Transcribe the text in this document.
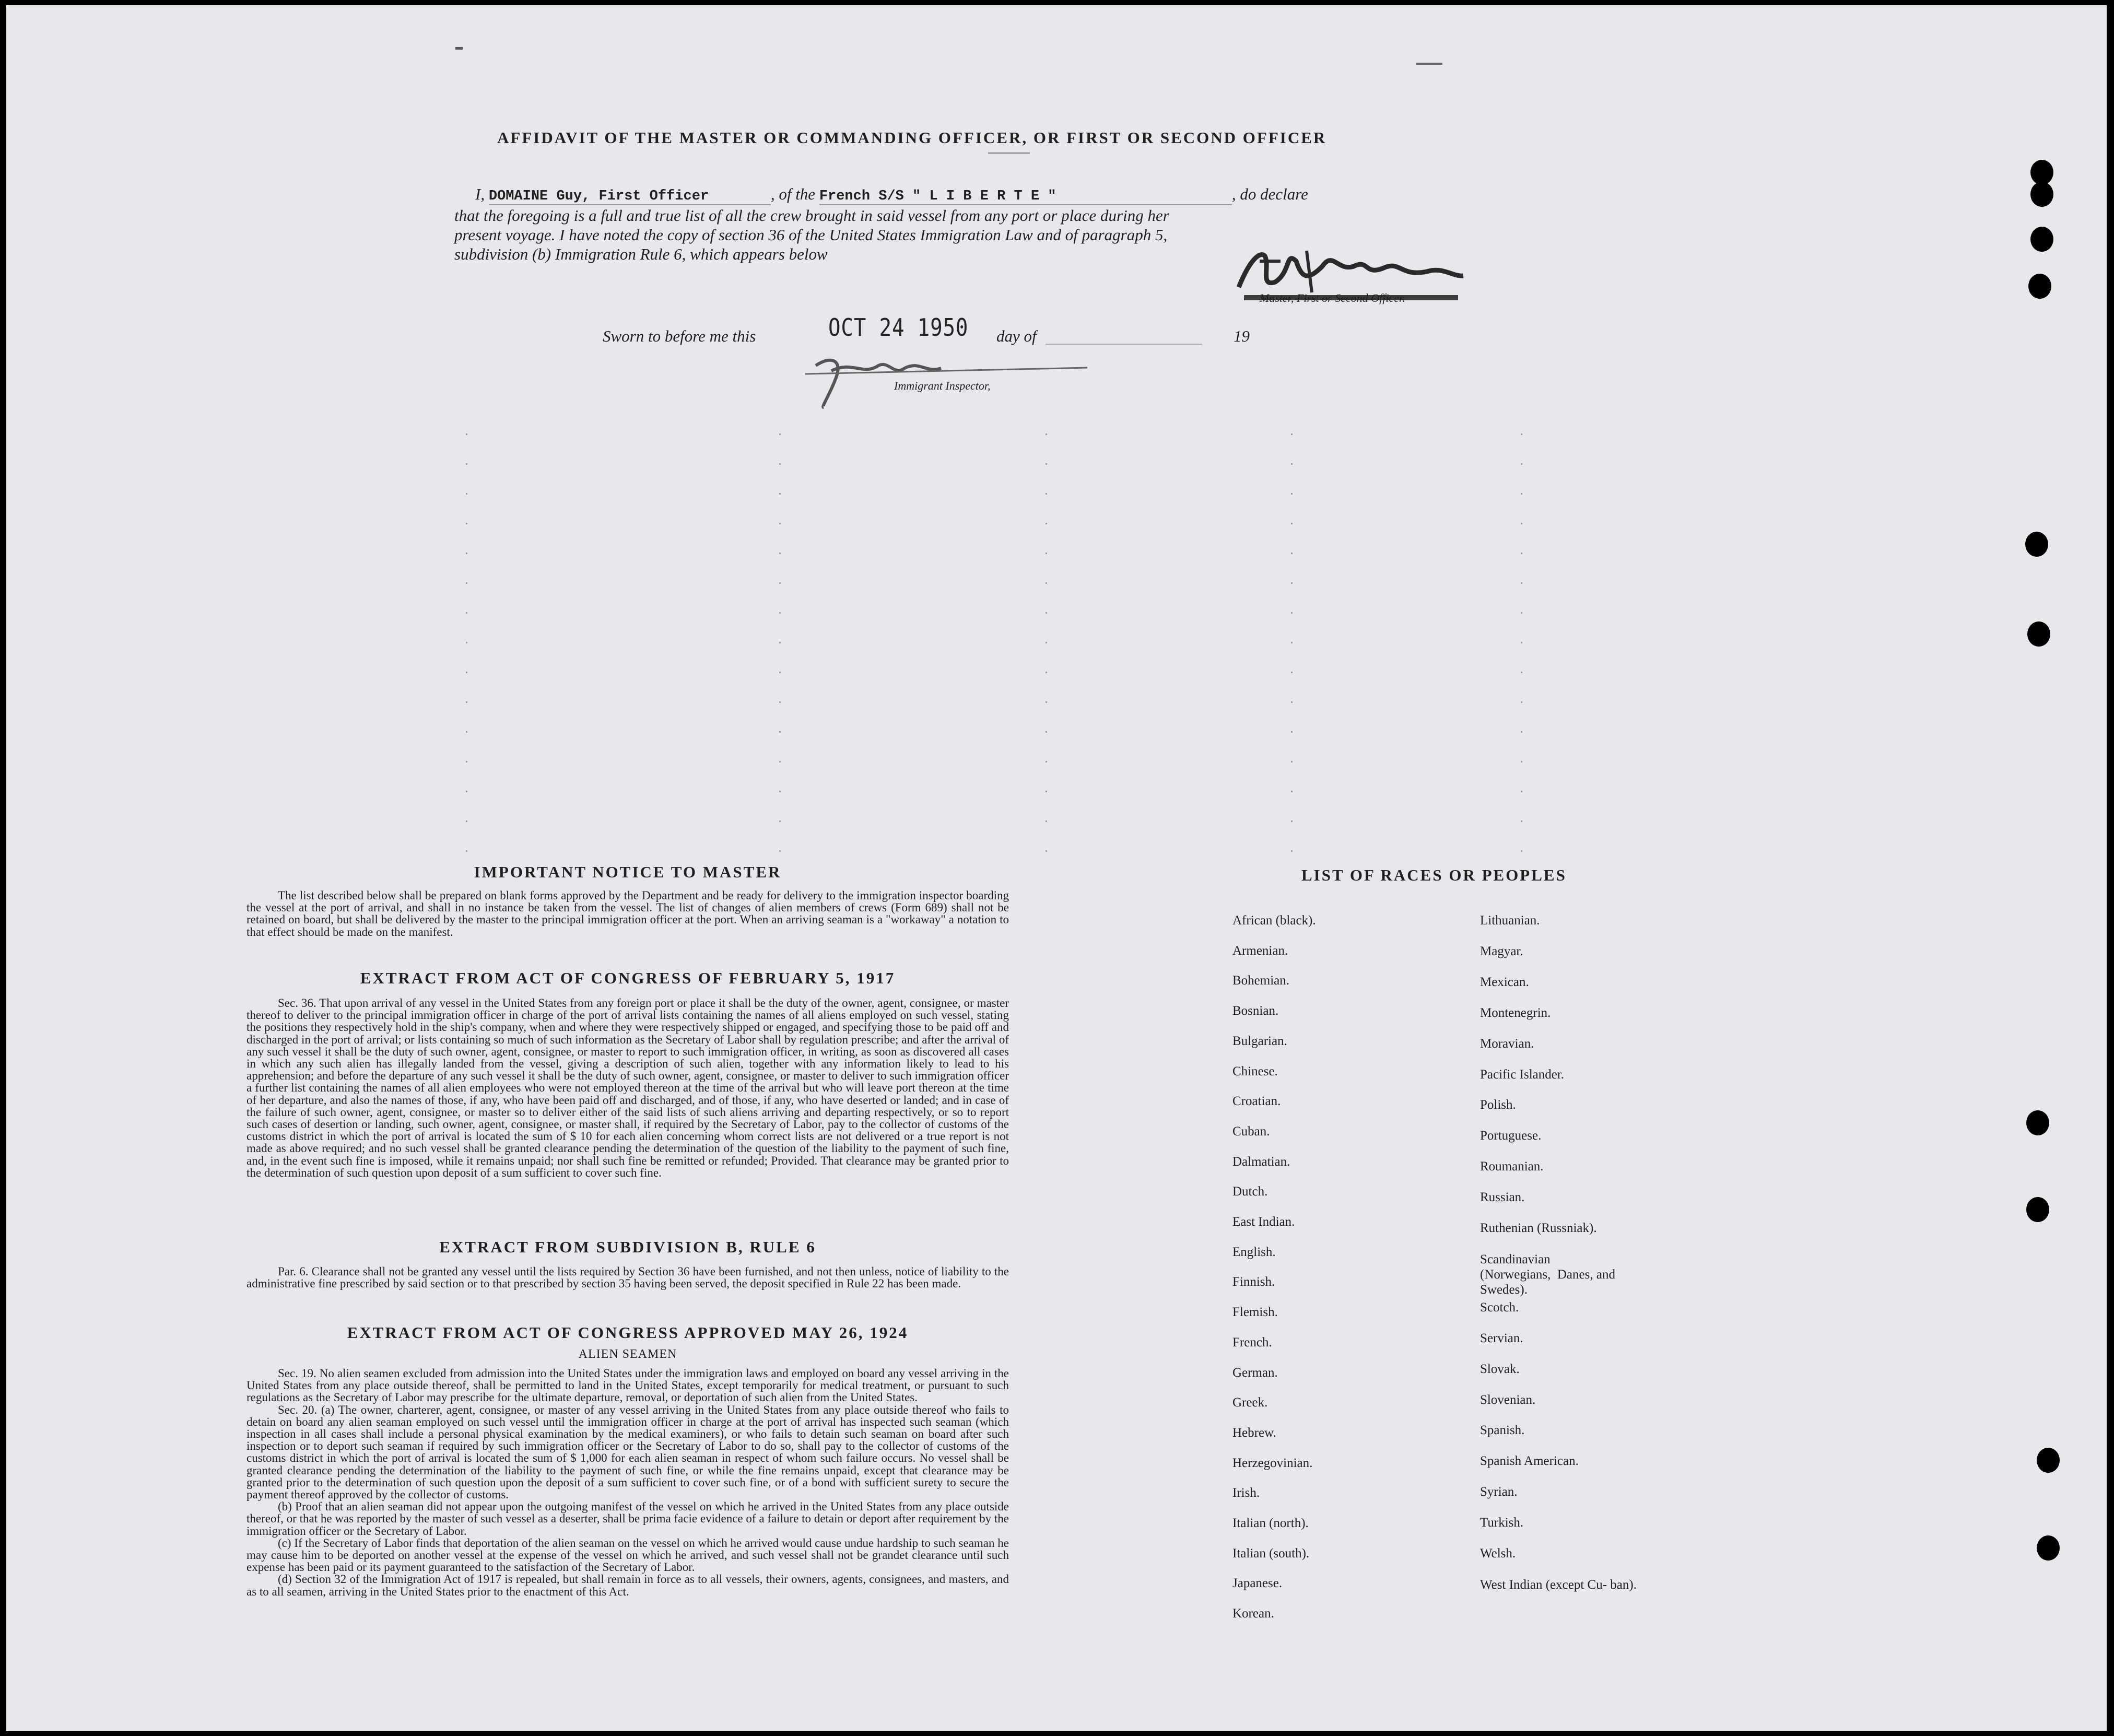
AFFIDAVIT OF THE MASTER OR COMMANDING OFFICER, OR FIRST OR SECOND OFFICER
I, DOMAINE Guy, First Officer	, of the French S/S " L I B E R T E "	, do declare
that the foregoing is a full and true list of all the crew brought in said vessel from any port or place during her
present voyage. I have noted the copy of section 36 of the United States Immigration Law and of paragraph 5,
subdivision (b) Immigration Rule 6, which appears below
Master, First or Second Officer.
Sworn to before me this	OCT 24 1950 day of	19
Immigrant Inspector,
IMPORTANT NOTICE TO MASTER

The list described below shall be prepared on blank forms approved by the Department and be ready for delivery to the immigration inspector boarding the vessel at the port of arrival, and shall in no instance be taken from the vessel. The list of changes of alien members of crews (Form 689) shall not be retained on board, but shall be delivered by the master to the principal immigration officer at the port. When an arriving seaman is a "workaway" a notation to that effect should be made on the manifest.

EXTRACT FROM ACT OF CONGRESS OF FEBRUARY 5, 1917

Sec. 36. That upon arrival of any vessel in the United States from any foreign port or place it shall be the duty of the owner, agent, consignee, or master thereof to deliver to the principal immigration officer in charge of the port of arrival lists containing the names of all aliens employed on such vessel, stating the positions they respectively hold in the ship's company, when and where they were respectively shipped or engaged, and specifying those to be paid off and discharged in the port of arrival; or lists containing so much of such information as the Secretary of Labor shall by regulation prescribe; and after the arrival of any such vessel it shall be the duty of such owner, agent, consignee, or master to report to such immigration officer, in writing, as soon as discovered all cases in which any such alien has illegally landed from the vessel, giving a description of such alien, together with any information likely to lead to his apprehension; and before the departure of any such vessel it shall be the duty of such owner, agent, consignee, or master to deliver to such immigration officer a further list containing the names of all alien employees who were not employed thereon at the time of the arrival but who will leave port thereon at the time of her departure, and also the names of those, if any, who have been paid off and discharged, and of those, if any, who have deserted or landed; and in case of the failure of such owner, agent, consignee, or master so to deliver either of the said lists of such aliens arriving and departing respectively, or so to report such cases of desertion or landing, such owner, agent, consignee, or master shall, if required by the Secretary of Labor, pay to the collector of customs of the customs district in which the port of arrival is located the sum of $ 10 for each alien concerning whom correct lists are not delivered or a true report is not made as above required; and no such vessel shall be granted clearance pending the determination of the question of the liability to the payment of such fine, and, in the event such fine is imposed, while it remains unpaid; nor shall such fine be remitted or refunded; Provided. That clearance may be granted prior to the determination of such question upon deposit of a sum sufficient to cover such fine.

EXTRACT FROM SUBDIVISION B, RULE 6

Par. 6. Clearance shall not be granted any vessel until the lists required by Section 36 have been furnished, and not then unless, notice of liability to the administrative fine prescribed by said section or to that prescribed by section 35 having been served, the deposit specified in Rule 22 has been made.

EXTRACT FROM ACT OF CONGRESS APPROVED MAY 26, 1924
ALIEN SEAMEN

Sec. 19. No alien seamen excluded from admission into the United States under the immigration laws and employed on board any vessel arriving in the United States from any place outside thereof, shall be permitted to land in the United States, except temporarily for medical treatment, or pursuant to such regulations as the Secretary of Labor may prescribe for the ultimate departure, removal, or deportation of such alien from the United States.

Sec. 20. (a) The owner, charterer, agent, consignee, or master of any vessel arriving in the United States from any place outside thereof who fails to detain on board any alien seaman employed on such vessel until the immigration officer in charge at the port of arrival has inspected such seaman (which inspection in all cases shall include a personal physical examination by the medical examiners), or who fails to detain such seaman on board after such inspection or to deport such seaman if required by such immigration officer or the Secretary of Labor to do so, shall pay to the collector of customs of the customs district in which the port of arrival is located the sum of $ 1,000 for each alien seaman in respect of whom such failure occurs. No vessel shall be granted clearance pending the determination of the liability to the payment of such fine, or while the fine remains unpaid, except that clearance may be granted prior to the determination of such question upon the deposit of a sum sufficient to cover such fine, or of a bond with sufficient surety to secure the payment thereof approved by the collector of customs.

(b) Proof that an alien seaman did not appear upon the outgoing manifest of the vessel on which he arrived in the United States from any place outside thereof, or that he was reported by the master of such vessel as a deserter, shall be prima facie evidence of a failure to detain or deport after requirement by the immigration officer or the Secretary of Labor.

(c) If the Secretary of Labor finds that deportation of the alien seaman on the vessel on which he arrived would cause undue hardship to such seaman he may cause him to be deported on another vessel at the expense of the vessel on which he arrived, and such vessel shall not be grandet clearance until such expense has been paid or its payment guaranteed to the satisfaction of the Secretary of Labor.

(d) Section 32 of the Immigration Act of 1917 is repealed, but shall remain in force as to all vessels, their owners, agents, consignees, and masters, and as to all seamen, arriving in the United States prior to the enactment of this Act.

LIST OF RACES OR PEOPLES
African (black).
Armenian.
Bohemian.
Bosnian.
Bulgarian.
Chinese.
Croatian.
Cuban.
Dalmatian.
Dutch.
East Indian.
English.
Finnish.
Flemish.
French.
German.
Greek.
Hebrew.
Herzegovinian.
Irish.
Italian (north).
Italian (south).
Japanese.
Korean.
Lithuanian.
Magyar.
Mexican.
Montenegrin.
Moravian.
Pacific Islander.
Polish.
Portuguese.
Roumanian.
Russian.
Ruthenian (Russniak).
Scandinavian (Norwegians,  Danes, and Swedes).
Scotch.
Servian.
Slovak.
Slovenian.
Spanish.
Spanish American.
Syrian.
Turkish.
Welsh.
West Indian (except Cu- ban).
